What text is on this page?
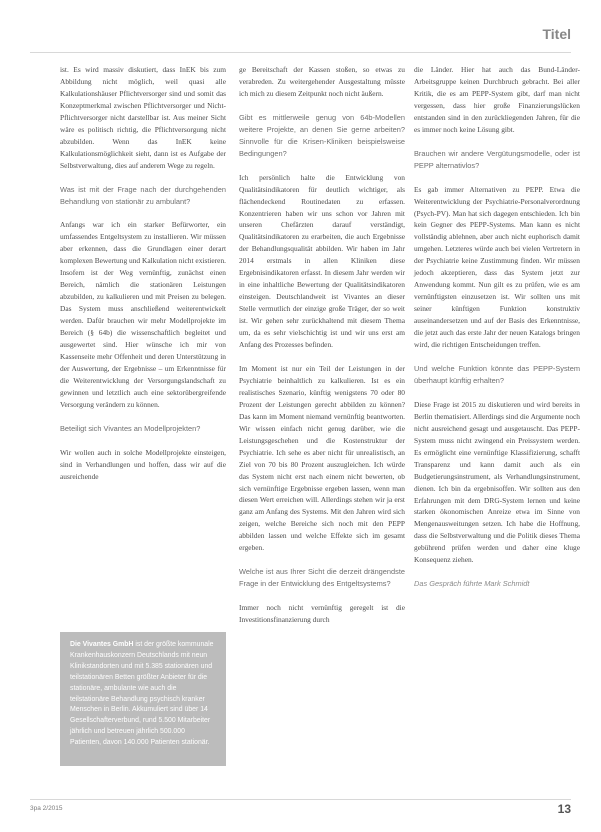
Titel

ist. Es wird massiv diskutiert, dass InEK bis zum Abbildung nicht möglich, weil quasi alle Kalkulationshäuser Pflichtversorger sind und somit das Konzeptmerkmal zwischen Pflichtversorger und Nicht-Pflichtversorger nicht darstellbar ist. Aus meiner Sicht wäre es politisch richtig, die Pflichtversorgung nicht abzubilden. Wenn das InEK keine Kalkulationsmöglichkeit sieht, dann ist es Aufgabe der Selbstverwaltung, dies auf anderem Wege zu regeln.

Was ist mit der Frage nach der durchgehenden Behandlung von stationär zu ambulant?

Anfangs war ich ein starker Befürworter, ein umfassendes Entgeltsystem zu installieren. Wir müssen aber erkennen, dass die Grundlagen einer derart komplexen Bewertung und Kalkulation nicht existieren. Insofern ist der Weg vernünftig, zunächst einen Bereich, nämlich die stationären Leistungen abzubilden, zu kalkulieren und mit Preisen zu belegen. Das System muss anschließend weiterentwickelt werden. Dafür brauchen wir mehr Modellprojekte im Bereich (§ 64b) die wissenschaftlich begleitet und ausgewertet sind. Hier wünsche ich mir von Kassenseite mehr Offenheit und deren Unterstützung in der Auswertung, der Ergebnisse – um Erkenntnisse für die Weiterentwicklung der Versorgungslandschaft zu gewinnen und letztlich auch eine sektorübergreifende Versorgung verändern zu können.

Beteiligt sich Vivantes an Modellprojekten?

Wir wollen auch in solche Modellprojekte einsteigen, sind in Verhandlungen und hoffen, dass wir auf die ausreichende

Die Vivantes GmbH ist der größte kommunale Krankenhauskonzern Deutschlands mit neun Klinikstandorten und mit 5.385 stationären und teilstationären Betten größter Anbieter für die stationäre, ambulante wie auch die teilstationäre Behandlung psychisch kranker Menschen in Berlin. Akkumuliert sind über 14 Gesellschafterverbund, rund 5.500 Mitarbeiter jährlich und betreuen jährlich 500.000 Patienten, davon 140.000 Patienten stationär.

ge Bereitschaft der Kassen stoßen, so etwas zu verabreden. Zu weitergehender Ausgestaltung müsste ich mich zu diesem Zeitpunkt noch nicht äußern.

Gibt es mittlerweile genug von 64b-Modellen weitere Projekte, an denen Sie gerne arbeiten? Sinnvolle für die Krisen-Kliniken beispielsweise Bedingungen?

Ich persönlich halte die Entwicklung von Qualitätsindikatoren für deutlich wichtiger, als flächendeckend Routinedaten zu erfassen. Konzentrieren haben wir uns schon vor Jahren mit unseren Chefärzten darauf verständigt, Qualitätsindikatoren zu erarbeiten, die auch Ergebnisse der Behandlungsqualität abbilden. Wir haben im Jahr 2014 erstmals in allen Kliniken diese Ergebnisindikatoren erfasst. In diesem Jahr werden wir in eine inhaltliche Bewertung der Qualitätsindikatoren einsteigen. Deutschlandweit ist Vivantes an dieser Stelle vermutlich der einzige große Träger, der so weit ist. Wir gehen sehr zurückhaltend mit diesem Thema um, da es sehr vielschichtig ist und wir uns erst am Anfang des Prozesses befinden.

Im Moment ist nur ein Teil der Leistungen in der Psychiatrie beinhaltlich zu kalkulieren. Ist es ein realistisches Szenario, künftig wenigstens 70 oder 80 Prozent der Leistungen gerecht abbilden zu können? Das kann im Moment niemand vernünftig beantworten. Wir wissen einfach nicht genug darüber, wie die Leistungsgeschehen und die Kostenstruktur der Psychiatrie. Ich sehe es aber nicht für unrealistisch, an Ziel von 70 bis 80 Prozent auszugleichen. Ich würde das System nicht erst nach einem nicht bewerten, ob sich vernünftige Ergebnisse ergeben lassen, wenn man diesen Wert erreichen will. Allerdings stehen wir ja erst ganz am Anfang des Systems. Mit den Jahren wird sich zeigen, welche Bereiche sich noch mit den PEPP abbilden lassen und welche Effekte sich im gesamt ergeben.

Welche ist aus Ihrer Sicht die derzeit drängendste Frage in der Entwicklung des Entgeltsystems?

Immer noch nicht vernünftig geregelt ist die Investitionsfinanzierung durch

die Länder. Hier hat auch das Bund-Länder-Arbeitsgruppe keinen Durchbruch gebracht. Bei aller Kritik, die es am PEPP-System gibt, darf man nicht vergessen, dass hier große Finanzierungslücken entstanden sind in den zurückliegenden Jahren, für die es immer noch keine Lösung gibt.

Brauchen wir andere Vergütungsmodelle, oder ist PEPP alternativlos?

Es gab immer Alternativen zu PEPP. Etwa die Weiterentwicklung der Psychiatrie-Personalverordnung (Psych-PV). Man hat sich dagegen entschieden. Ich bin kein Gegner des PEPP-Systems. Man kann es nicht vollständig ablehnen, aber auch nicht euphorisch damit umgehen. Letzteres würde auch bei vielen Vertretern in der Psychiatrie keine Zustimmung finden. Wir müssen jedoch akzeptieren, dass das System jetzt zur Anwendung kommt. Nun gilt es zu prüfen, wie es am vernünftigsten einzusetzen ist. Wir sollten uns mit seiner künftigen Funktion konstruktiv auseinandersetzen und auf der Basis des Erkenntnisse, die jetzt auch das erste Jahr der neuen Katalogs bringen wird, die richtigen Entscheidungen treffen.

Und welche Funktion könnte das PEPP-System überhaupt künftig erhalten?

Diese Frage ist 2015 zu diskutieren und wird bereits in Berlin thematisiert. Allerdings sind die Argumente noch nicht ausreichend gesagt und ausgetauscht. Das PEPP-System muss nicht zwingend ein Preissystem werden. Es ermöglicht eine vernünftige Klassifizierung, schafft Transparenz und kann damit auch als ein Budgetierungsinstrument, als Verhandlungsinstrument, dienen. Ich bin da ergebnisoffen. Wir sollten aus den Erfahrungen mit dem DRG-System lernen und keine starken ökonomischen Anreize etwa im Sinne von Mengenausweitungen setzen. Ich habe die Hoffnung, dass die Selbstverwaltung und die Politik dieses Thema gebührend prüfen werden und daher eine kluge Konsequenz ziehen.

Das Gespräch führte Mark Schmidt

3pa 2/2015	13
